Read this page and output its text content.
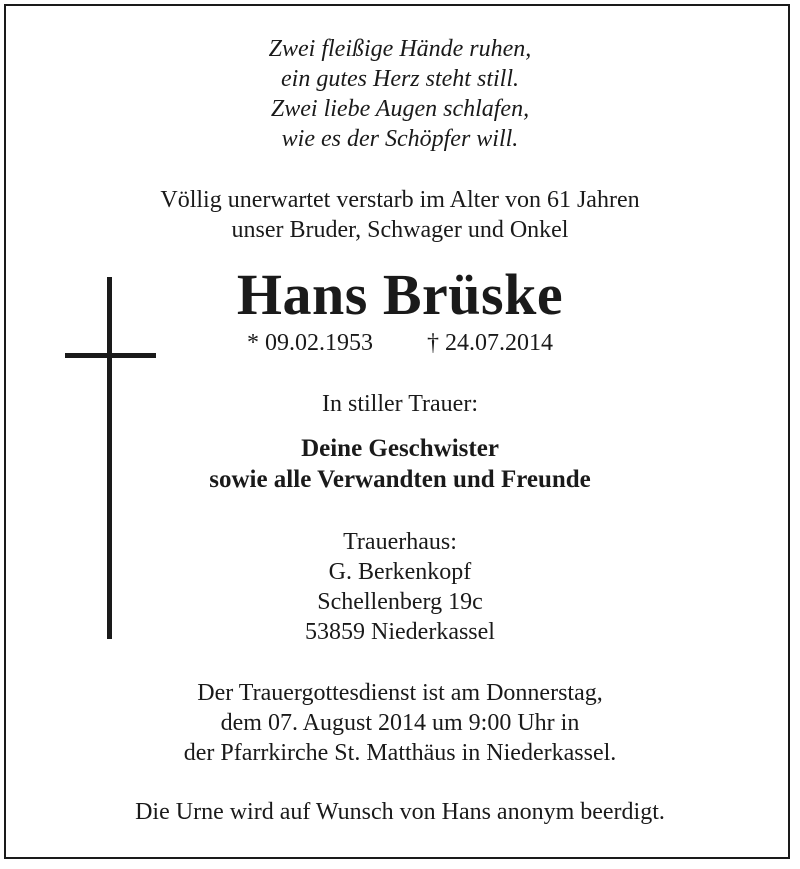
Zwei fleißige Hände ruhen,
ein gutes Herz steht still.
Zwei liebe Augen schlafen,
wie es der Schöpfer will.
Völlig unerwartet verstarb im Alter von 61 Jahren
unser Bruder, Schwager und Onkel
Hans Brüske
* 09.02.1953 † 24.07.2014
In stiller Trauer:
Deine Geschwister
sowie alle Verwandten und Freunde
Trauerhaus:
G. Berkenkopf
Schellenberg 19c
53859 Niederkassel
Der Trauergottesdienst ist am Donnerstag,
dem 07. August 2014 um 9:00 Uhr in
der Pfarrkirche St. Matthäus in Niederkassel.
Die Urne wird auf Wunsch von Hans anonym beerdigt.
